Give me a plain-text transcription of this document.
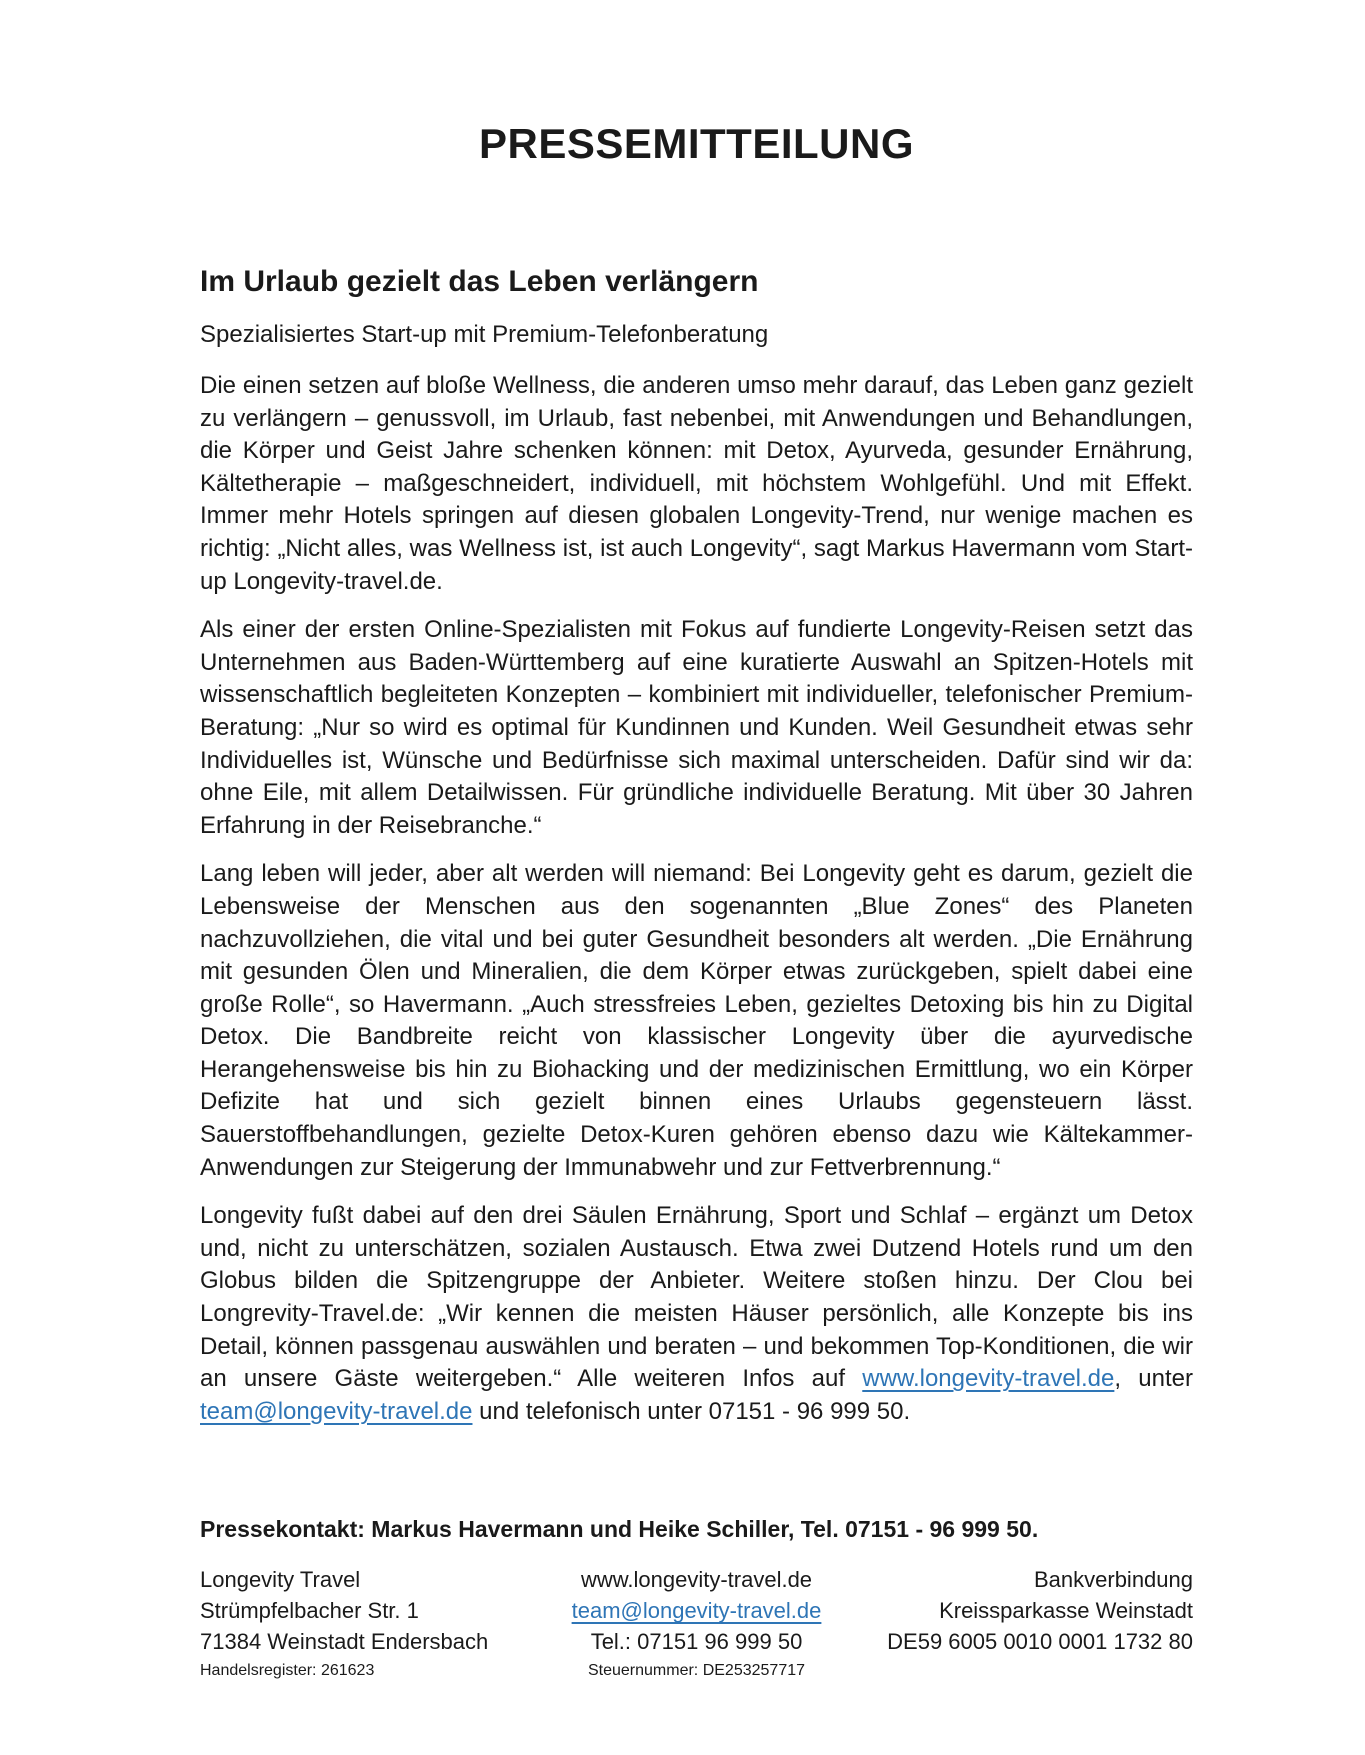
PRESSEMITTEILUNG
Im Urlaub gezielt das Leben verlängern
Spezialisiertes Start-up mit Premium-Telefonberatung

Die einen setzen auf bloße Wellness, die anderen umso mehr darauf, das Leben ganz gezielt zu verlängern – genussvoll, im Urlaub, fast nebenbei, mit Anwendungen und Behandlungen, die Körper und Geist Jahre schenken können: mit Detox, Ayurveda, gesunder Ernährung, Kältetherapie – maßgeschneidert, individuell, mit höchstem Wohlgefühl. Und mit Effekt. Immer mehr Hotels springen auf diesen globalen Longevity-Trend, nur wenige machen es richtig: „Nicht alles, was Wellness ist, ist auch Longevity“, sagt Markus Havermann vom Start-up Longevity-travel.de.

Als einer der ersten Online-Spezialisten mit Fokus auf fundierte Longevity-Reisen setzt das Unternehmen aus Baden-Württemberg auf eine kuratierte Auswahl an Spitzen-Hotels mit wissenschaftlich begleiteten Konzepten – kombiniert mit individueller, telefonischer Premium-Beratung: „Nur so wird es optimal für Kundinnen und Kunden. Weil Gesundheit etwas sehr Individuelles ist, Wünsche und Bedürfnisse sich maximal unterscheiden. Dafür sind wir da: ohne Eile, mit allem Detailwissen. Für gründliche individuelle Beratung. Mit über 30 Jahren Erfahrung in der Reisebranche.“

Lang leben will jeder, aber alt werden will niemand: Bei Longevity geht es darum, gezielt die Lebensweise der Menschen aus den sogenannten „Blue Zones“ des Planeten nachzuvollziehen, die vital und bei guter Gesundheit besonders alt werden. „Die Ernährung mit gesunden Ölen und Mineralien, die dem Körper etwas zurückgeben, spielt dabei eine große Rolle“, so Havermann. „Auch stressfreies Leben, gezieltes Detoxing bis hin zu Digital Detox. Die Bandbreite reicht von klassischer Longevity über die ayurvedische Herangehensweise bis hin zu Biohacking und der medizinischen Ermittlung, wo ein Körper Defizite hat und sich gezielt binnen eines Urlaubs gegensteuern lässt. Sauerstoffbehandlungen, gezielte Detox-Kuren gehören ebenso dazu wie Kältekammer-Anwendungen zur Steigerung der Immunabwehr und zur Fettverbrennung.“

Longevity fußt dabei auf den drei Säulen Ernährung, Sport und Schlaf – ergänzt um Detox und, nicht zu unterschätzen, sozialen Austausch. Etwa zwei Dutzend Hotels rund um den Globus bilden die Spitzengruppe der Anbieter. Weitere stoßen hinzu. Der Clou bei Longrevity-Travel.de: „Wir kennen die meisten Häuser persönlich, alle Konzepte bis ins Detail, können passgenau auswählen und beraten – und bekommen Top-Konditionen, die wir an unsere Gäste weitergeben.“ Alle weiteren Infos auf www.longevity-travel.de, unter team@longevity-travel.de und telefonisch unter 07151 - 96 999 50.

Pressekontakt: Markus Havermann und Heike Schiller, Tel. 07151 - 96 999 50.
Longevity Travel
Strümpfelbacher Str. 1
71384 Weinstadt Endersbach
Handelsregister: 261623
www.longevity-travel.de
team@longevity-travel.de
Tel.: 07151 96 999 50
Steuernummer: DE253257717
Bankverbindung
Kreissparkasse Weinstadt
DE59 6005 0010 0001 1732 80
